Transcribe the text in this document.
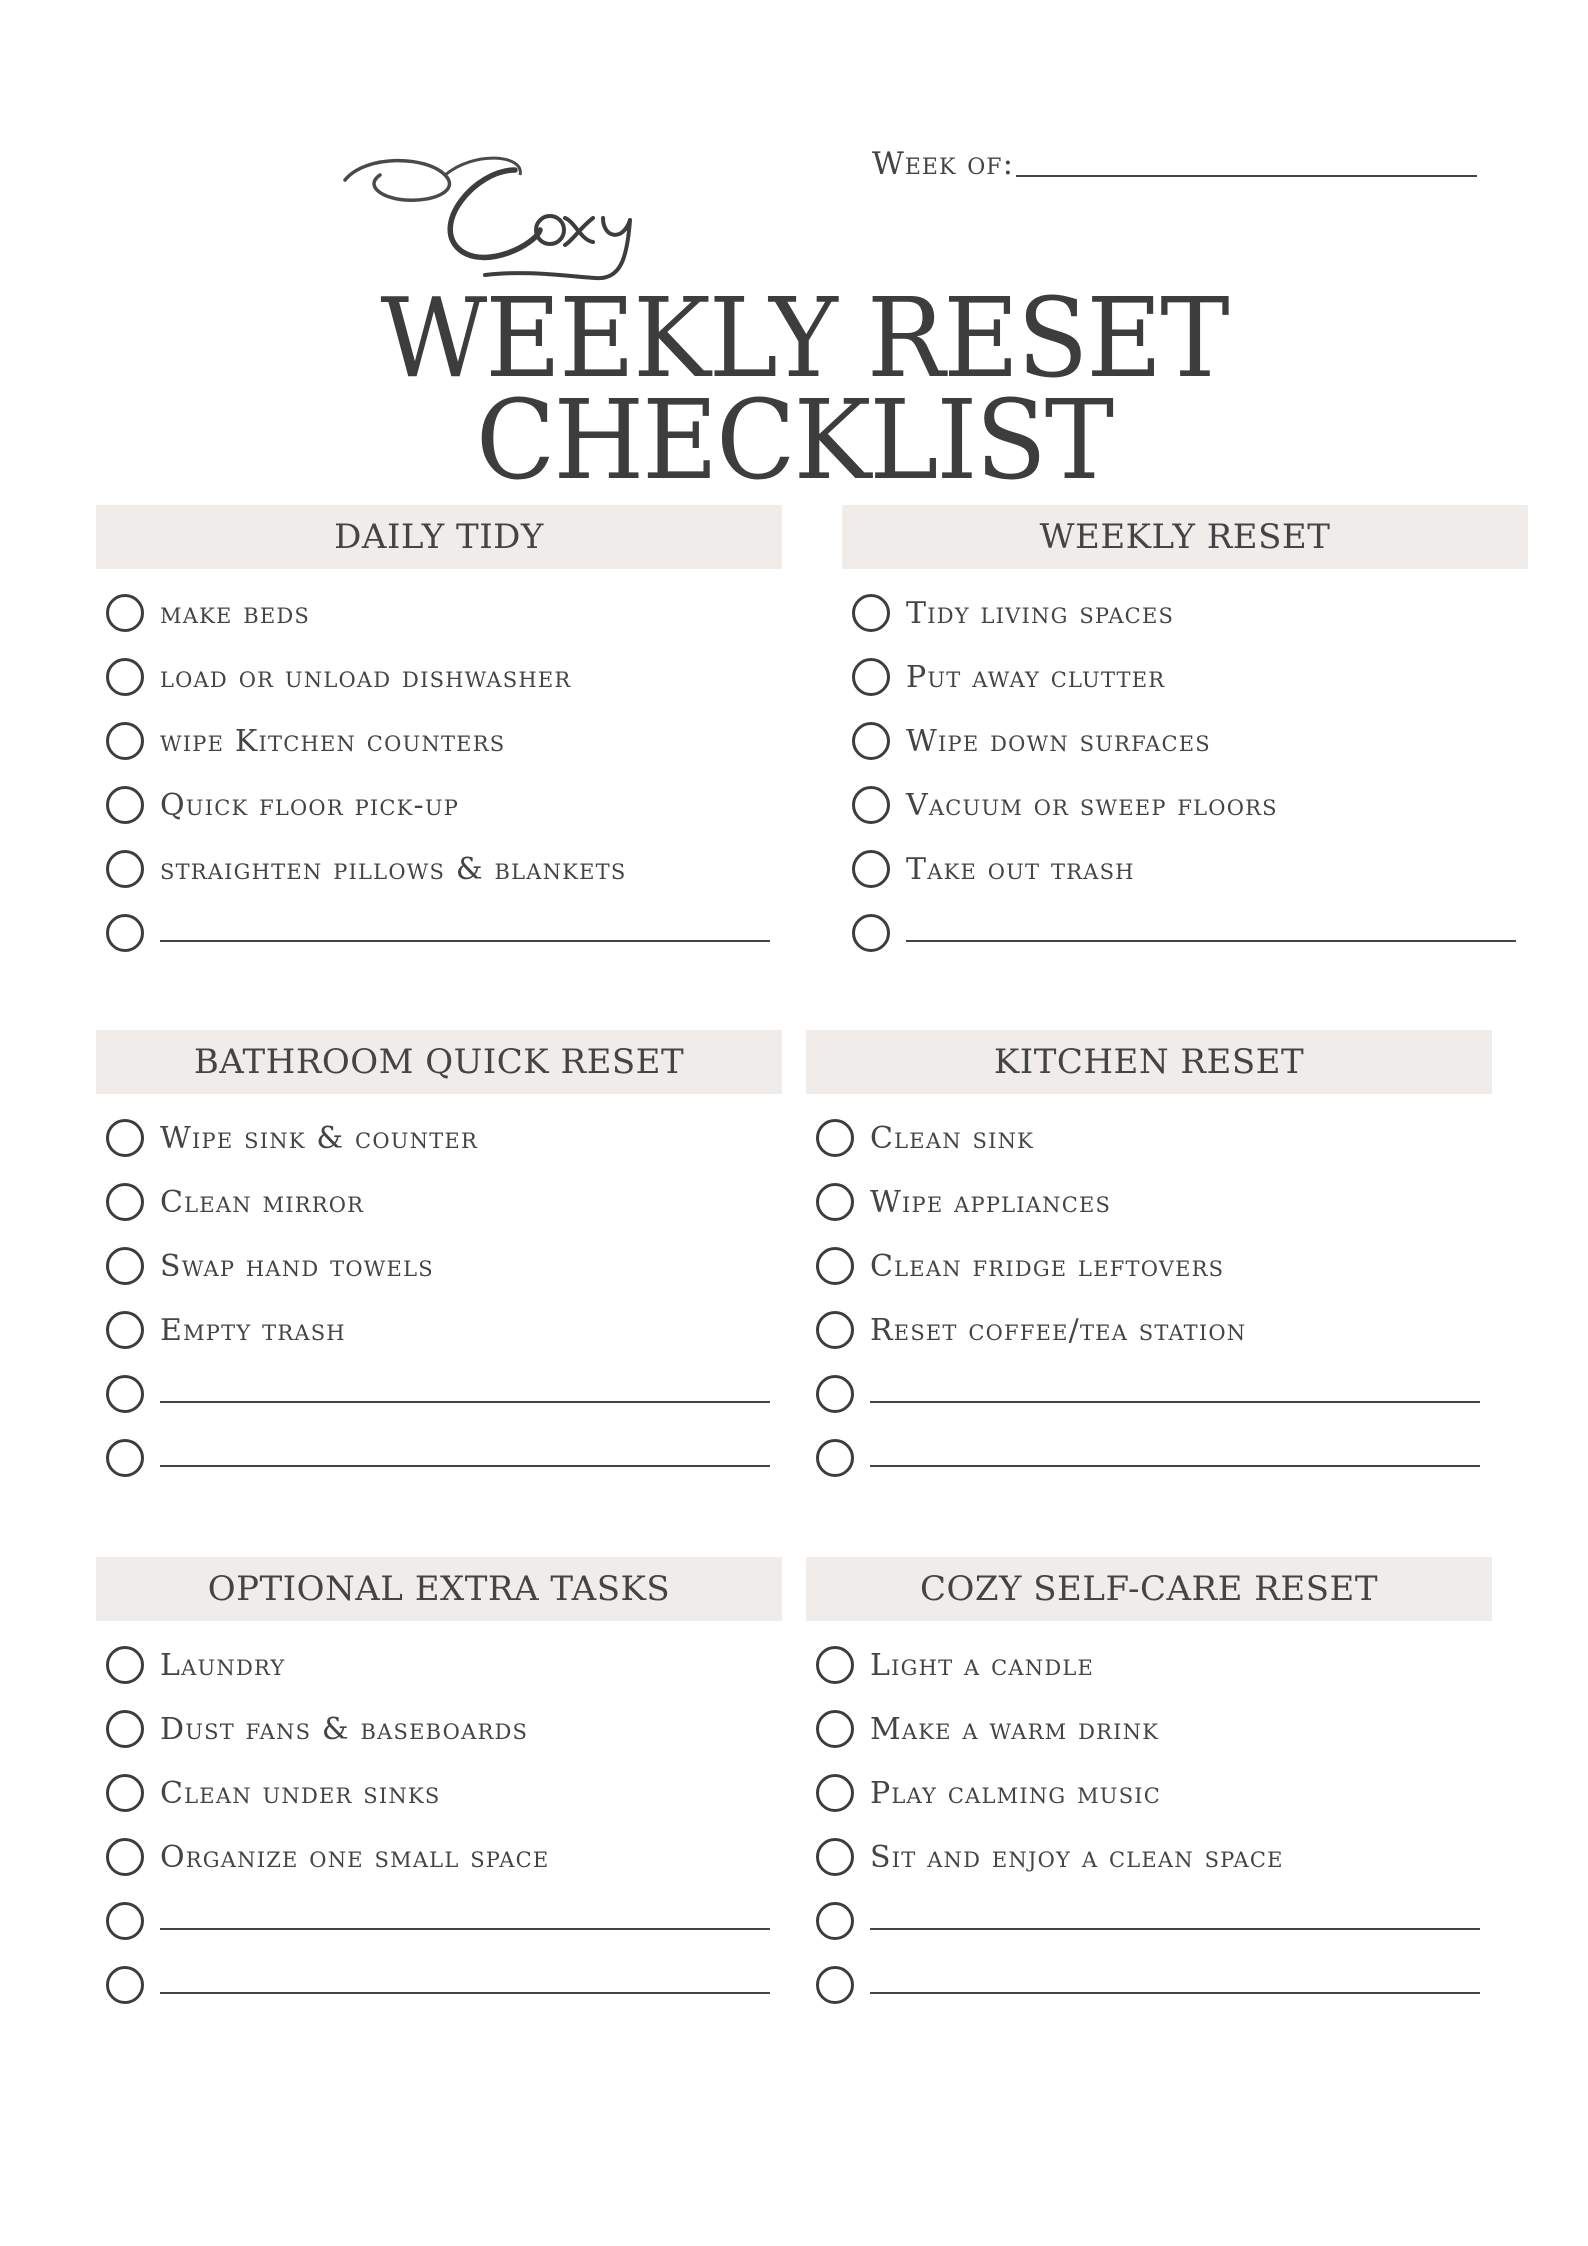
Week of:
WEEKLY RESET
CHECKLIST
DAILY TIDY
make beds
load or unload dishwasher
wipe Kitchen counters
Quick floor pick-up
straighten pillows & blankets
WEEKLY RESET
Tidy living spaces
Put away clutter
Wipe down surfaces
Vacuum or sweep floors
Take out trash
BATHROOM QUICK RESET
Wipe sink & counter
Clean mirror
Swap hand towels
Empty trash
KITCHEN RESET
Clean sink
Wipe appliances
Clean fridge leftovers
Reset coffee/tea station
OPTIONAL EXTRA TASKS
Laundry
Dust fans & baseboards
Clean under sinks
Organize one small space
COZY SELF-CARE RESET
Light a candle
Make a warm drink
Play calming music
Sit and enjoy a clean space
